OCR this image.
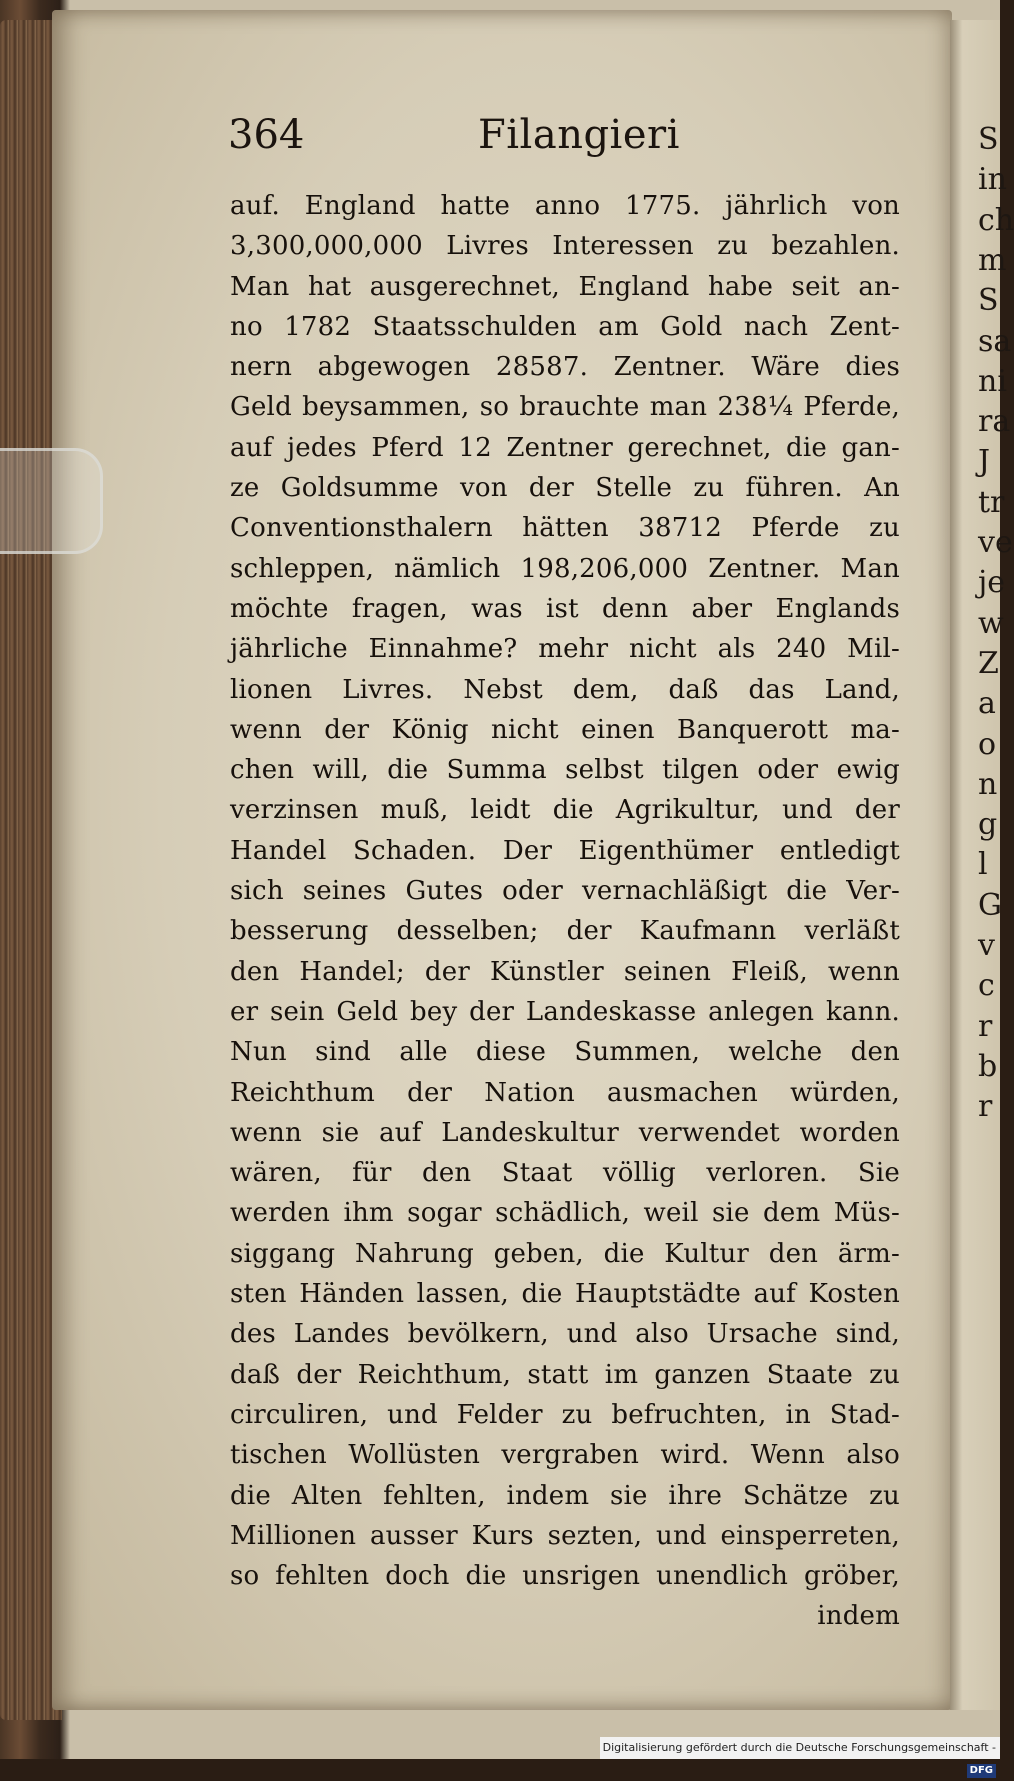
S
in
ch
m
S
sa
ni
ra
J
tr
ve
je
w
Z
a
o
n
g
l
G
v
c
r
b
r
364	Filangieri
auf. England hatte anno 1775. jährlich von
3,300,000,000 Livres Interessen zu bezahlen.
Man hat ausgerechnet, England habe seit an-
no 1782 Staatsschulden am Gold nach Zent-
nern abgewogen 28587. Zentner. Wäre dies
Geld beysammen, so brauchte man 238¼ Pferde,
auf jedes Pferd 12 Zentner gerechnet, die gan-
ze Goldsumme von der Stelle zu führen. An
Conventionsthalern hätten 38712 Pferde zu
schleppen, nämlich 198,206,000 Zentner. Man
möchte fragen, was ist denn aber Englands
jährliche Einnahme? mehr nicht als 240 Mil-
lionen Livres. Nebst dem, daß das Land,
wenn der König nicht einen Banquerott ma-
chen will, die Summa selbst tilgen oder ewig
verzinsen muß, leidt die Agrikultur, und der
Handel Schaden. Der Eigenthümer entledigt
sich seines Gutes oder vernachläßigt die Ver-
besserung desselben; der Kaufmann verläßt
den Handel; der Künstler seinen Fleiß, wenn
er sein Geld bey der Landeskasse anlegen kann.
Nun sind alle diese Summen, welche den
Reichthum der Nation ausmachen würden,
wenn sie auf Landeskultur verwendet worden
wären, für den Staat völlig verloren. Sie
werden ihm sogar schädlich, weil sie dem Müs-
siggang Nahrung geben, die Kultur den ärm-
sten Händen lassen, die Hauptstädte auf Kosten
des Landes bevölkern, und also Ursache sind,
daß der Reichthum, statt im ganzen Staate zu
circuliren, und Felder zu befruchten, in Stad-
tischen Wollüsten vergraben wird. Wenn also
die Alten fehlten, indem sie ihre Schätze zu
Millionen ausser Kurs sezten, und einsperreten,
so fehlten doch die unsrigen unendlich gröber,
indem
Digitalisierung gefördert durch die Deutsche Forschungsgemeinschaft -DFG
